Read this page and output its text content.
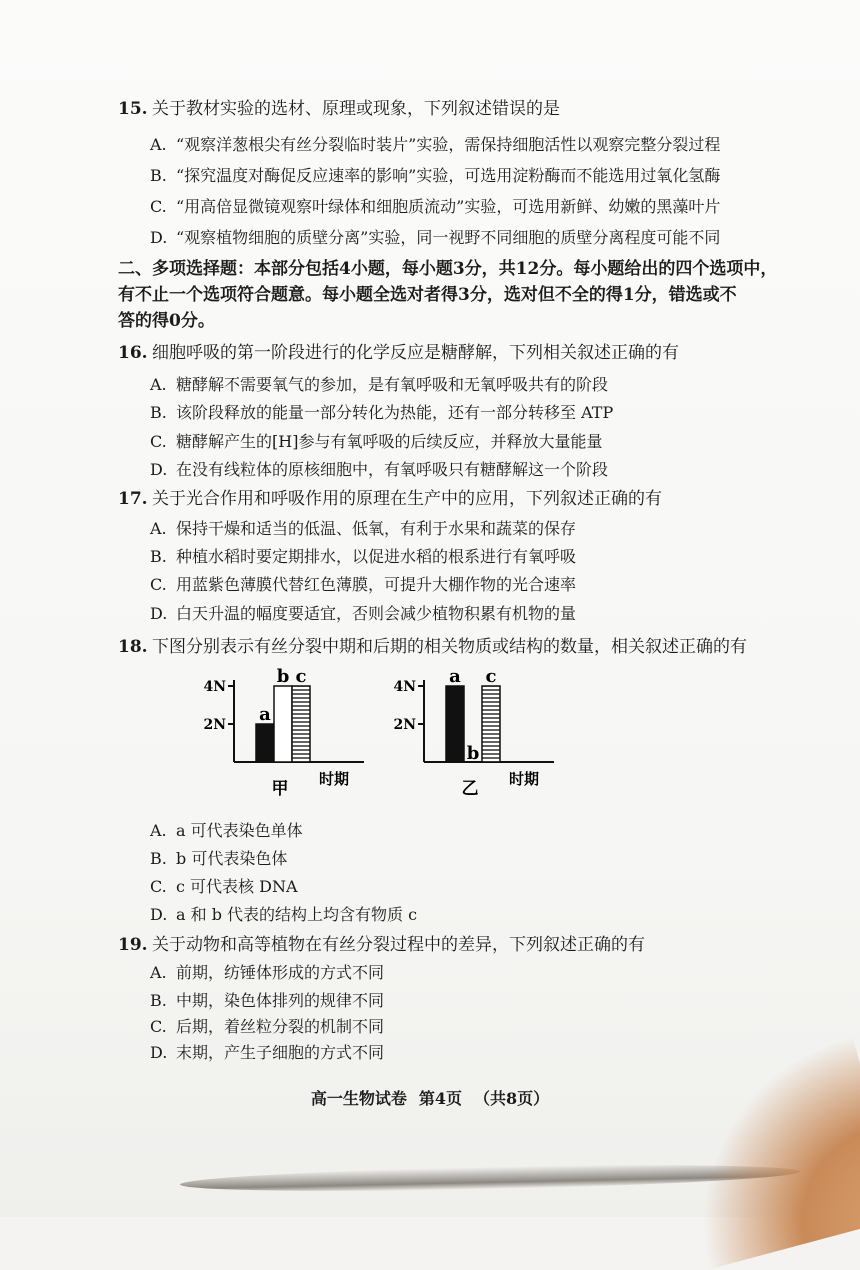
15. 关于教材实验的选材、原理或现象，下列叙述错误的是
A. “观察洋葱根尖有丝分裂临时装片”实验，需保持细胞活性以观察完整分裂过程
B. “探究温度对酶促反应速率的影响”实验，可选用淀粉酶而不能选用过氧化氢酶
C. “用高倍显微镜观察叶绿体和细胞质流动”实验，可选用新鲜、幼嫩的黑藻叶片
D. “观察植物细胞的质壁分离”实验，同一视野不同细胞的质壁分离程度可能不同
二、多项选择题：本部分包括4小题，每小题3分，共12分。每小题给出的四个选项中，
有不止一个选项符合题意。每小题全选对者得3分，选对但不全的得1分，错选或不
答的得0分。
16. 细胞呼吸的第一阶段进行的化学反应是糖酵解，下列相关叙述正确的有
A. 糖酵解不需要氧气的参加，是有氧呼吸和无氧呼吸共有的阶段
B. 该阶段释放的能量一部分转化为热能，还有一部分转移至 ATP
C. 糖酵解产生的[H]参与有氧呼吸的后续反应，并释放大量能量
D. 在没有线粒体的原核细胞中，有氧呼吸只有糖酵解这一个阶段
17. 关于光合作用和呼吸作用的原理在生产中的应用，下列叙述正确的有
A. 保持干燥和适当的低温、低氧，有利于水果和蔬菜的保存
B. 种植水稻时要定期排水，以促进水稻的根系进行有氧呼吸
C. 用蓝紫色薄膜代替红色薄膜，可提升大棚作物的光合速率
D. 白天升温的幅度要适宜，否则会减少植物积累有机物的量
18. 下图分别表示有丝分裂中期和后期的相关物质或结构的数量，相关叙述正确的有
2N
4N
a
b c
时期
甲
2N
4N a
b
c
时期
乙
A. a 可代表染色单体
B. b 可代表染色体
C. c 可代表核 DNA
D. a 和 b 代表的结构上均含有物质 c
19. 关于动物和高等植物在有丝分裂过程中的差异，下列叙述正确的有
A. 前期，纺锤体形成的方式不同
B. 中期，染色体排列的规律不同
C. 后期，着丝粒分裂的机制不同
D. 末期，产生子细胞的方式不同
高一生物试卷 第4页 （共8页）
